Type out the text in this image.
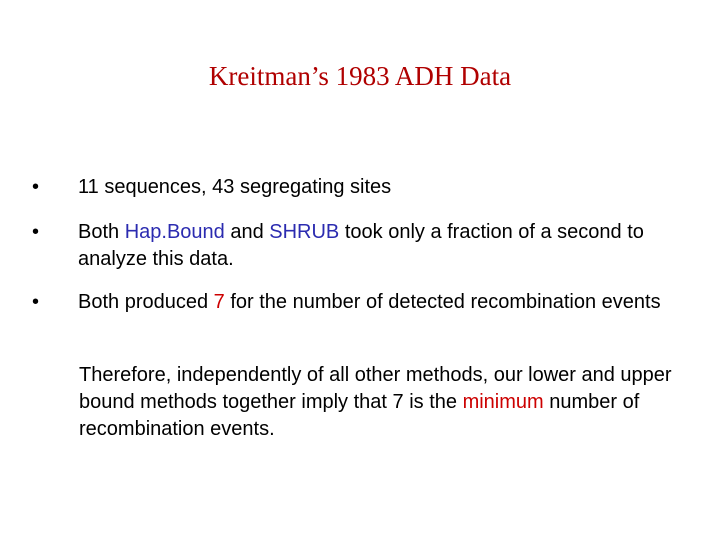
Kreitman’s 1983 ADH Data
•	11 sequences, 43 segregating sites
•	Both Hap.Bound and SHRUB took only a fraction of a second to analyze this data.
•	Both produced 7 for the number of detected recombination events
Therefore, independently of all other methods, our lower and upper bound methods together imply that 7 is the minimum number of recombination events.
